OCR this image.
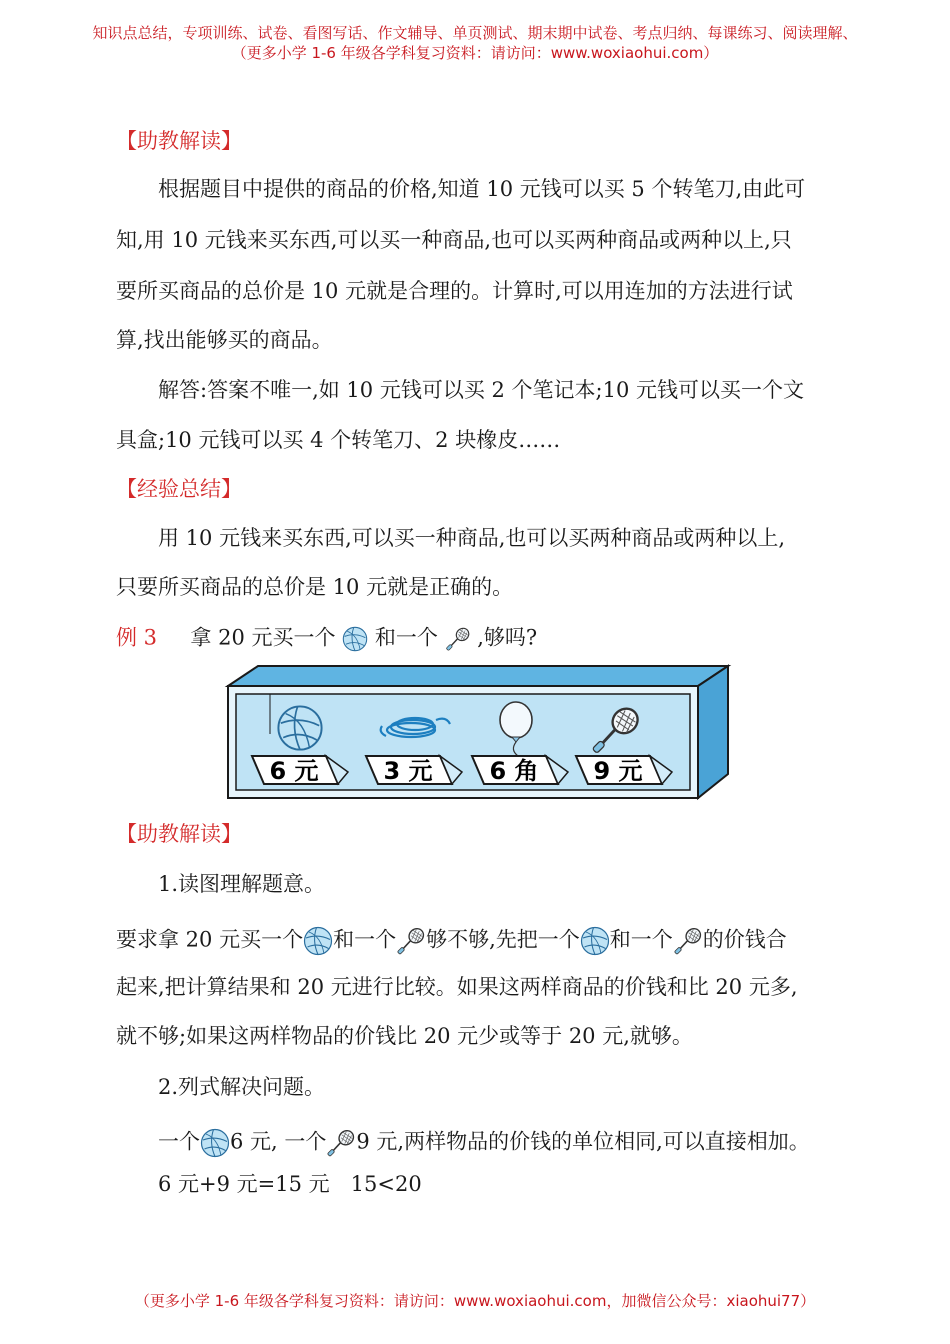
知识点总结，专项训练、试卷、看图写话、作文辅导、单页测试、期末期中试卷、考点归纳、每课练习、阅读理解、
（更多小学 1-6 年级各学科复习资料：请访问：www.woxiaohui.com）
【助教解读】
根据题目中提供的商品的价格,知道 10 元钱可以买 5 个转笔刀,由此可
知,用 10 元钱来买东西,可以买一种商品,也可以买两种商品或两种以上,只
要所买商品的总价是 10 元就是合理的。计算时,可以用连加的方法进行试
算,找出能够买的商品。
解答:答案不唯一,如 10 元钱可以买 2 个笔记本;10 元钱可以买一个文
具盒;10 元钱可以买 4 个转笔刀、2 块橡皮……
【经验总结】
用 10 元钱来买东西,可以买一种商品,也可以买两种商品或两种以上,
只要所买商品的总价是 10 元就是正确的。
例 3 拿 20 元买一个 和一个 ,够吗?
6 元	3 元 6 角 9 元
【助教解读】
1.读图理解题意。
要求拿 20 元买一个 和一个 够不够,先把一个 和一个 的价钱合
起来,把计算结果和 20 元进行比较。如果这两样商品的价钱和比 20 元多,
就不够;如果这两样物品的价钱比 20 元少或等于 20 元,就够。
2.列式解决问题。
一个 6 元, 一个 9 元,两样物品的价钱的单位相同,可以直接相加。
6 元+9 元=15 元　15<20
（更多小学 1-6 年级各学科复习资料：请访问：www.woxiaohui.com，加微信公众号：xiaohui77）
